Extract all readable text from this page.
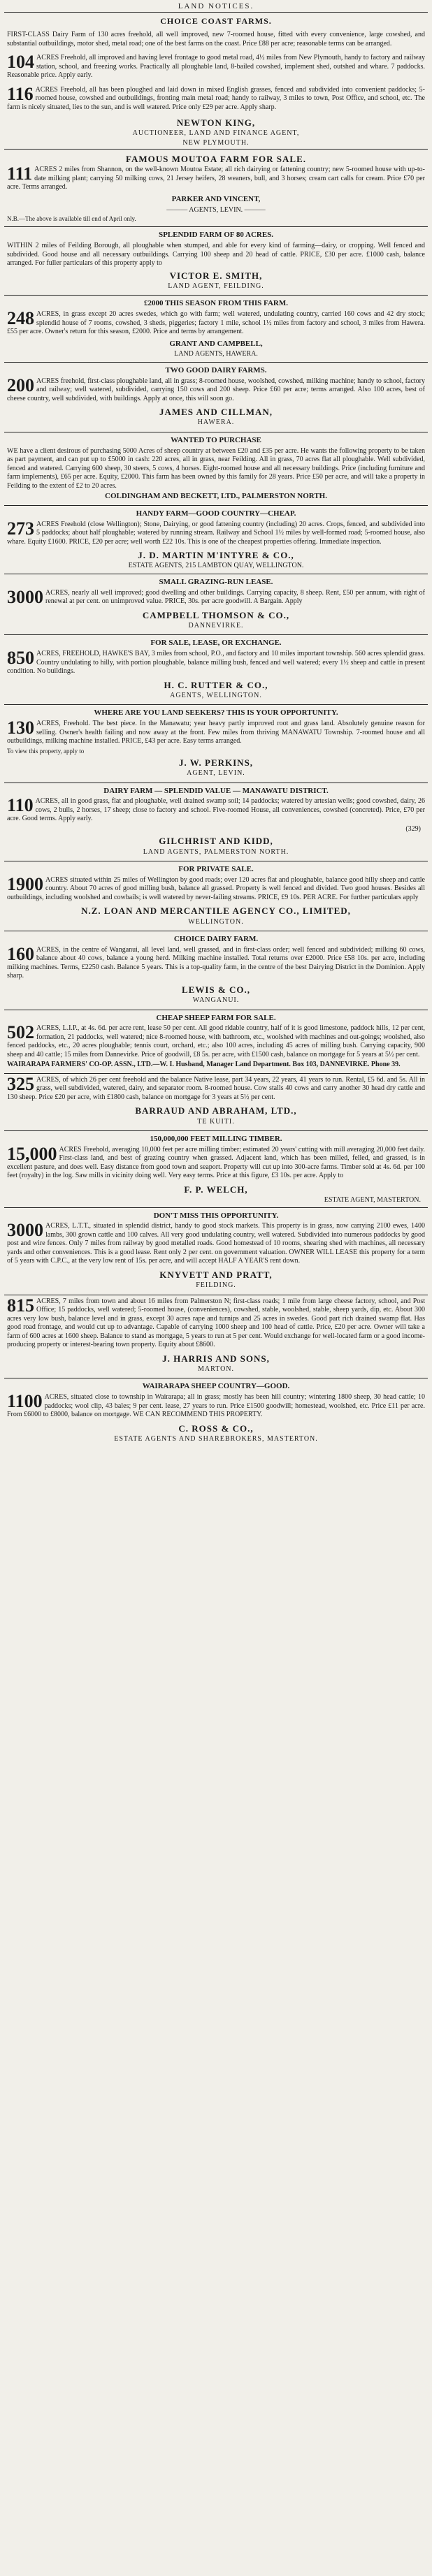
LAND NOTICES.
CHOICE COAST FARMS.

FIRST-CLASS Dairy Farm of 130 acres freehold, all well improved, new 7-roomed house, fitted with every convenience, large cowshed, and substantial outbuildings, motor shed, metal road; one of the best farms on the coast. Price £88 per acre; reasonable terms can be arranged.

104 ACRES Freehold, all improved and having level frontage to good metal road, 4½ miles from New Plymouth, handy to factory and railway station, school, and freezing works. Practically all ploughable land, 8-bailed cowshed, implement shed, outshed and whare. 7 paddocks. Reasonable price. Apply early.

116 ACRES Freehold, all has been ploughed and laid down in mixed English grasses, fenced and subdivided into convenient paddocks; 5-roomed house, cowshed and outbuildings, fronting main metal road; handy to railway, 3 miles to town, Post Office, and school, etc. The farm is nicely situated, lies to the sun, and is well watered. Price only £29 per acre. Apply sharp.

NEWTON KING,
AUCTIONEER, LAND AND FINANCE AGENT,
NEW PLYMOUTH.
FAMOUS MOUTOA FARM FOR SALE.
111 ACRES 2 miles from Shannon, on the well-known Moutoa Estate; all rich dairying or fattening country; new 5-roomed house with up-to-date milking plant; carrying 50 milking cows, 21 Jersey heifers, 28 weaners, bull, and 3 horses; cream cart calls for cream. Price £70 per acre. Terms arranged.

PARKER AND VINCENT,
——— AGENTS, LEVIN. ———

N.B.—The above is available till end of April only.

SPLENDID FARM OF 80 ACRES.

WITHIN 2 miles of Feilding Borough, all ploughable when stumped, and able for every kind of farming—dairy, or cropping. Well fenced and subdivided. Good house and all necessary outbuildings. Carrying 100 sheep and 20 head of cattle. PRICE, £30 per acre. £1000 cash, balance arranged. For fuller particulars of this property apply to

VICTOR E. SMITH,
LAND AGENT, FEILDING.
£2000 THIS SEASON FROM THIS FARM.
248 ACRES, in grass except 20 acres swedes, which go with farm; well watered, undulating country, carried 160 cows and 42 dry stock; splendid house of 7 rooms, cowshed, 3 sheds, piggeries; factory 1 mile, school 1½ miles from factory and school, 3 miles from Hawera. £55 per acre. Owner's return for this season, £2000. Price and terms by arrangement.

GRANT AND CAMPBELL,
LAND AGENTS, HAWERA.
TWO GOOD DAIRY FARMS.
200 ACRES freehold, first-class ploughable land, all in grass; 8-roomed house, woolshed, cowshed, milking machine; handy to school, factory and railway; well watered, subdivided, carrying 150 cows and 200 sheep. Price £60 per acre; terms arranged. Also 100 acres, best of cheese country, well subdivided, with buildings. Apply at once, this will soon go.

JAMES AND CILLMAN,
HAWERA.
WANTED TO PURCHASE

WE have a client desirous of purchasing 5000 Acres of sheep country at between £20 and £35 per acre. He wants the following property to be taken as part payment, and can put up to £5000 in cash: 220 acres, all in grass, near Feilding. All in grass, 70 acres flat all ploughable. Well subdivided, fenced and watered. Carrying 600 sheep, 30 steers, 5 cows, 4 horses. Eight-roomed house and all necessary buildings. Price (including furniture and farm implements), £65 per acre. Equity, £2000. This farm has been owned by this family for 28 years. Price £50 per acre, and will take a property in Feilding to the extent of £2 to 20 acres.

COLDINGHAM AND BECKETT, LTD., PALMERSTON NORTH.
HANDY FARM—GOOD COUNTRY—CHEAP.
273 ACRES Freehold (close Wellington); Stone, Dairying, or good fattening country (including) 20 acres. Crops, fenced, and subdivided into 5 paddocks; about half ploughable; watered by running stream. Railway and School 1½ miles by well-formed road; 5-roomed house, also whare. Equity £1600. PRICE, £20 per acre; well worth £22 10s. This is one of the cheapest properties offering. Immediate inspection.

J. D. MARTIN M'INTYRE & CO.,
ESTATE AGENTS, 215 LAMBTON QUAY, WELLINGTON.
SMALL GRAZING-RUN LEASE.
3000 ACRES, nearly all well improved; good dwelling and other buildings. Carrying capacity, 8 sheep. Rent, £50 per annum, with right of renewal at per cent. on unimproved value. PRICE, 30s. per acre goodwill. A Bargain. Apply

CAMPBELL THOMSON & CO.,
DANNEVIRKE.
FOR SALE, LEASE, OR EXCHANGE.
850 ACRES, FREEHOLD, HAWKE'S BAY, 3 miles from school, P.O., and factory and 10 miles important township. 560 acres splendid grass. Country undulating to hilly, with portion ploughable, balance milling bush, fenced and well watered; every 1½ sheep and cattle in present condition. No buildings.

H. C. RUTTER & CO.,
AGENTS, WELLINGTON.
WHERE ARE YOU LAND SEEKERS? THIS IS YOUR OPPORTUNITY.
130 ACRES, Freehold. The best piece. In the Manawatu; year heavy partly improved root and grass land. Absolutely genuine reason for selling. Owner's health failing and now away at the front. Few miles from thriving MANAWATU Township. 7-roomed house and all outbuildings, milking machine installed. PRICE, £43 per acre. Easy terms arranged.

To view this property, apply to

J. W. PERKINS,
AGENT, LEVIN.
DAIRY FARM — SPLENDID VALUE — MANAWATU DISTRICT.
110 ACRES, all in good grass, flat and ploughable, well drained swamp soil; 14 paddocks; watered by artesian wells; good cowshed, dairy, 26 cows, 2 bulls, 2 horses, 17 sheep; close to factory and school. Five-roomed House, all conveniences, cowshed (concreted). Price, £70 per acre. Good terms. Apply early.

(329)
GILCHRIST AND KIDD,
LAND AGENTS, PALMERSTON NORTH.
FOR PRIVATE SALE.
1900 ACRES situated within 25 miles of Wellington by good roads; over 120 acres flat and ploughable, balance good hilly sheep and cattle country. About 70 acres of good milling bush, balance all grassed. Property is well fenced and divided. Two good houses. Besides all outbuildings, including woolshed and cowbails; is well watered by never-failing streams. PRICE, £9 10s. PER ACRE. For further particulars apply

N.Z. LOAN AND MERCANTILE AGENCY CO., LIMITED,
WELLINGTON.
CHOICE DAIRY FARM.
160 ACRES, in the centre of Wanganui, all level land, well grassed, and in first-class order; well fenced and subdivided; milking 60 cows, balance about 40 cows, balance a young herd. Milking machine installed. Total returns over £2000. Price £58 10s. per acre, including milking machines. Terms, £2250 cash. Balance 5 years. This is a top-quality farm, in the centre of the best Dairying District in the Dominion. Apply sharp.

LEWIS & CO.,
WANGANUI.
CHEAP SHEEP FARM FOR SALE.
502 ACRES, L.I.P., at 4s. 6d. per acre rent, lease 50 per cent. All good ridable country, half of it is good limestone, paddock hills, 12 per cent, formation, 21 paddocks, well watered; nice 8-roomed house, with bathroom, etc., woolshed with machines and out-goings; woolshed, also fenced paddocks, etc., 20 acres ploughable; tennis court, orchard, etc.; also 100 acres, including 45 acres of milling bush. Carrying capacity, 900 sheep and 40 cattle; 15 miles from Dannevirke. Price of goodwill, £8 5s. per acre, with £1500 cash, balance on mortgage for 5 years at 5½ per cent.

WAIRARAPA FARMERS' CO-OP. ASSN., LTD.—W. I. Husband, Manager Land Department. Box 103, DANNEVIRKE. Phone 39.

325 ACRES, of which 26 per cent freehold and the balance Native lease, part 34 years, 22 years, 41 years to run. Rental, £5 6d. and 5s. All in grass, well subdivided, watered, dairy, and separator room. 8-roomed house. Cow stalls 40 cows and carry another 30 head dry cattle and 130 sheep. Price £20 per acre, with £1800 cash, balance on mortgage for 3 years at 5½ per cent.

BARRAUD AND ABRAHAM, LTD.,
TE KUITI.
150,000,000 FEET MILLING TIMBER.
15,000 ACRES Freehold, averaging 10,000 feet per acre milling timber; estimated 20 years' cutting with mill averaging 20,000 feet daily. First-class land, and best of grazing country when grassed. Adjacent land, which has been milled, felled, and grassed, is in excellent pasture, and does well. Easy distance from good town and seaport. Property will cut up into 300-acre farms. Timber sold at 4s. 6d. per 100 feet (royalty) in the log. Saw mills in vicinity doing well. Very easy terms. Price at this figure, £3 10s. per acre. Apply to

F. P. WELCH,
ESTATE AGENT, MASTERTON.
DON'T MISS THIS OPPORTUNITY.
3000 ACRES, L.T.T., situated in splendid district, handy to good stock markets. This property is in grass, now carrying 2100 ewes, 1400 lambs, 300 grown cattle and 100 calves. All very good undulating country, well watered. Subdivided into numerous paddocks by good post and wire fences. Only 7 miles from railway by good metalled roads. Good homestead of 10 rooms, shearing shed with machines, all necessary yards and other conveniences. This is a good lease. Rent only 2 per cent. on government valuation. OWNER WILL LEASE this property for a term of 5 years with C.P.C., at the very low rent of 15s. per acre, and will accept HALF A YEAR'S rent down.

KNYVETT AND PRATT,
FEILDING.
815 ACRES, 7 miles from town and about 16 miles from Palmerston N; first-class roads; 1 mile from large cheese factory, school, and Post Office; 15 paddocks, well watered; 5-roomed house, (conveniences), cowshed, stable, woolshed, stable, sheep yards, dip, etc. About 300 acres very low bush, balance level and in grass, except 30 acres rape and turnips and 25 acres in swedes. Good part rich drained swamp flat. Has good road frontage, and would cut up to advantage. Capable of carrying 1000 sheep and 100 head of cattle. Price, £20 per acre. Owner will take a farm of 600 acres at 1600 sheep. Balance to stand as mortgage, 5 years to run at 5 per cent. Would exchange for well-located farm or a good income-producing property or interest-bearing town property. Equity about £8600.

J. HARRIS AND SONS,
MARTON.
WAIRARAPA SHEEP COUNTRY—GOOD.
1100 ACRES, situated close to township in Wairarapa; all in grass; mostly has been hill country; wintering 1800 sheep, 30 head cattle; 10 paddocks; wool clip, 43 bales; 9 per cent. lease, 27 years to run. Price £1500 goodwill; homestead, woolshed, etc. Price £11 per acre. From £6000 to £8000, balance on mortgage. WE CAN RECOMMEND THIS PROPERTY.

C. ROSS & CO.,
ESTATE AGENTS AND SHAREBROKERS, MASTERTON.
